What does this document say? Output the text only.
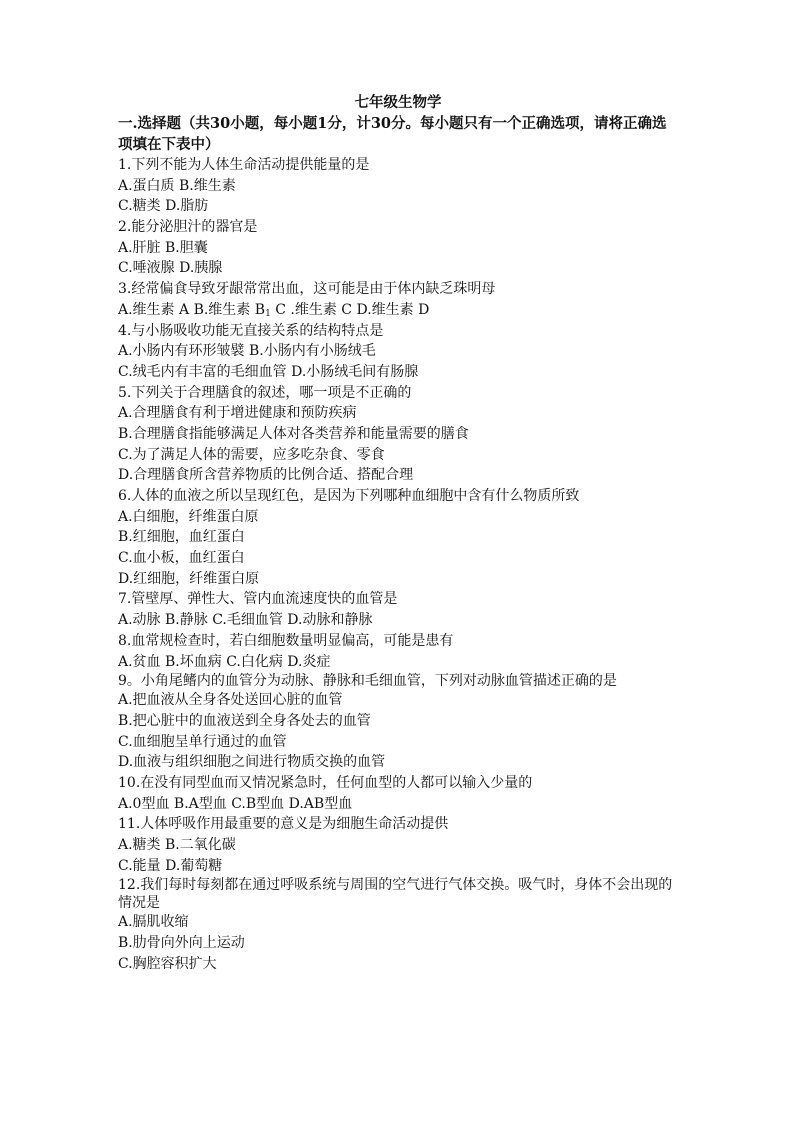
七年级生物学
一.选择题（共30小题，每小题1分，计30分。每小题只有一个正确选项，请将正确选项填在下表中）
1.下列不能为人体生命活动提供能量的是
A.蛋白质 B.维生素
C.糖类 D.脂肪
2.能分泌胆汁的器官是
A.肝脏 B.胆囊
C.唾液腺 D.胰腺
3.经常偏食导致牙龈常常出血，这可能是由于体内缺乏珠明母
A.维生素 A B.维生素 $B_1$ C .维生素 C D.维生素 D
4.与小肠吸收功能无直接关系的结构特点是
A.小肠内有环形皱襞 B.小肠内有小肠绒毛
C.绒毛内有丰富的毛细血管 D.小肠绒毛间有肠腺
5.下列关于合理膳食的叙述，哪一项是不正确的
A.合理膳食有利于增进健康和预防疾病
B.合理膳食指能够满足人体对各类营养和能量需要的膳食
C.为了满足人体的需要，应多吃杂食、零食
D.合理膳食所含营养物质的比例合适、搭配合理
6.人体的血液之所以呈现红色，是因为下列哪种血细胞中含有什么物质所致
A.白细胞，纤维蛋白原
B.红细胞，血红蛋白
C.血小板，血红蛋白
D.红细胞，纤维蛋白原
7.管壁厚、弹性大、管内血流速度快的血管是
A.动脉 B.静脉 C.毛细血管 D.动脉和静脉
8.血常规检查时，若白细胞数量明显偏高，可能是患有
A.贫血 B.坏血病 C.白化病 D.炎症
9。小角尾鳍内的血管分为动脉、静脉和毛细血管，下列对动脉血管描述正确的是
A.把血液从全身各处送回心脏的血管
B.把心脏中的血液送到全身各处去的血管
C.血细胞呈单行通过的血管
D.血液与组织细胞之间进行物质交换的血管
10.在没有同型血而又情况紧急时，任何血型的人都可以输入少量的
A.0型血 B.A型血 C.B型血 D.AB型血
11.人体呼吸作用最重要的意义是为细胞生命活动提供
A.糖类 B.二氧化碳
C.能量 D.葡萄糖
12.我们每时每刻都在通过呼吸系统与周围的空气进行气体交换。吸气时，身体不会出现的情况是
A.膈肌收缩
B.肋骨向外向上运动
C.胸腔容积扩大
